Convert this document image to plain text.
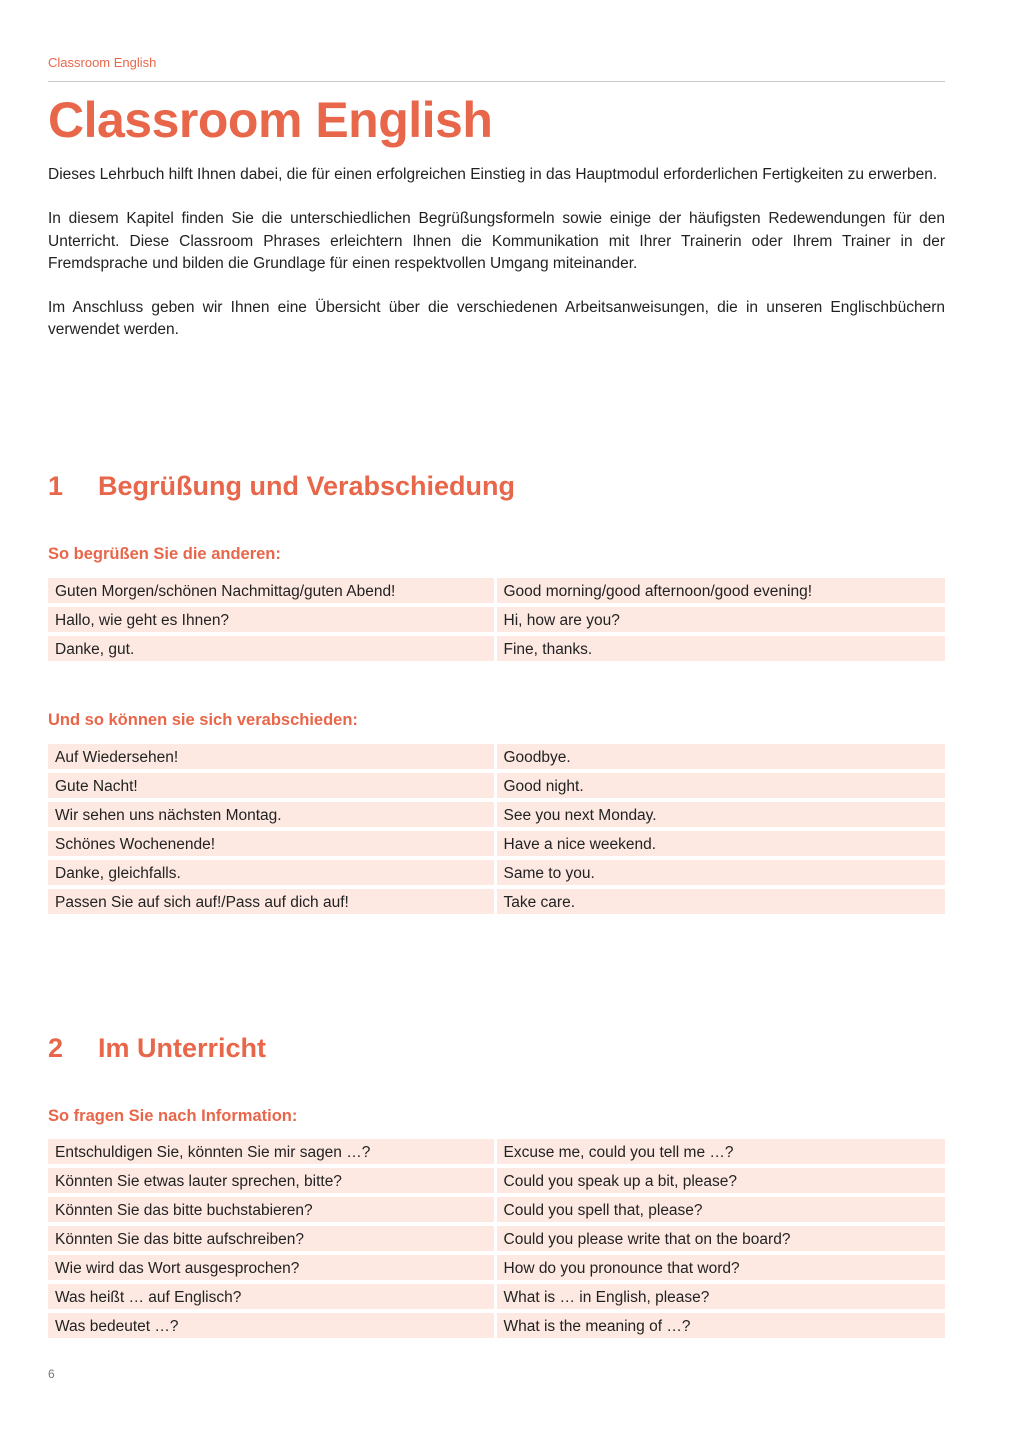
Classroom English
Classroom English

Dieses Lehrbuch hilft Ihnen dabei, die für einen erfolgreichen Einstieg in das Hauptmodul erforderlichen Fertigkeiten zu erwerben.

In diesem Kapitel finden Sie die unterschiedlichen Begrüßungsformeln sowie einige der häufigsten Redewendungen für den Unterricht. Diese Classroom Phrases erleichtern Ihnen die Kommunikation mit Ihrer Trainerin oder Ihrem Trainer in der Fremdsprache und bilden die Grundlage für einen respektvollen Umgang miteinander.

Im Anschluss geben wir Ihnen eine Übersicht über die verschiedenen Arbeitsanweisungen, die in unseren Englischbüchern verwendet werden.

1 Begrüßung und Verabschiedung
So begrüßen Sie die anderen:
Guten Morgen/schönen Nachmittag/guten Abend!	Good morning/good afternoon/good evening!
Hallo, wie geht es Ihnen?	Hi, how are you?
Danke, gut.	Fine, thanks.
Und so können sie sich verabschieden:
Auf Wiedersehen!	Goodbye.
Gute Nacht!	Good night.
Wir sehen uns nächsten Montag.	See you next Monday.
Schönes Wochenende!	Have a nice weekend.
Danke, gleichfalls.	Same to you.
Passen Sie auf sich auf!/Pass auf dich auf!	Take care.
2 Im Unterricht
So fragen Sie nach Information:
Entschuldigen Sie, könnten Sie mir sagen …?	Excuse me, could you tell me …?
Könnten Sie etwas lauter sprechen, bitte?	Could you speak up a bit, please?
Könnten Sie das bitte buchstabieren?	Could you spell that, please?
Könnten Sie das bitte aufschreiben?	Could you please write that on the board?
Wie wird das Wort ausgesprochen?	How do you pronounce that word?
Was heißt … auf Englisch?	What is … in English, please?
Was bedeutet …?	What is the meaning of …?
6
